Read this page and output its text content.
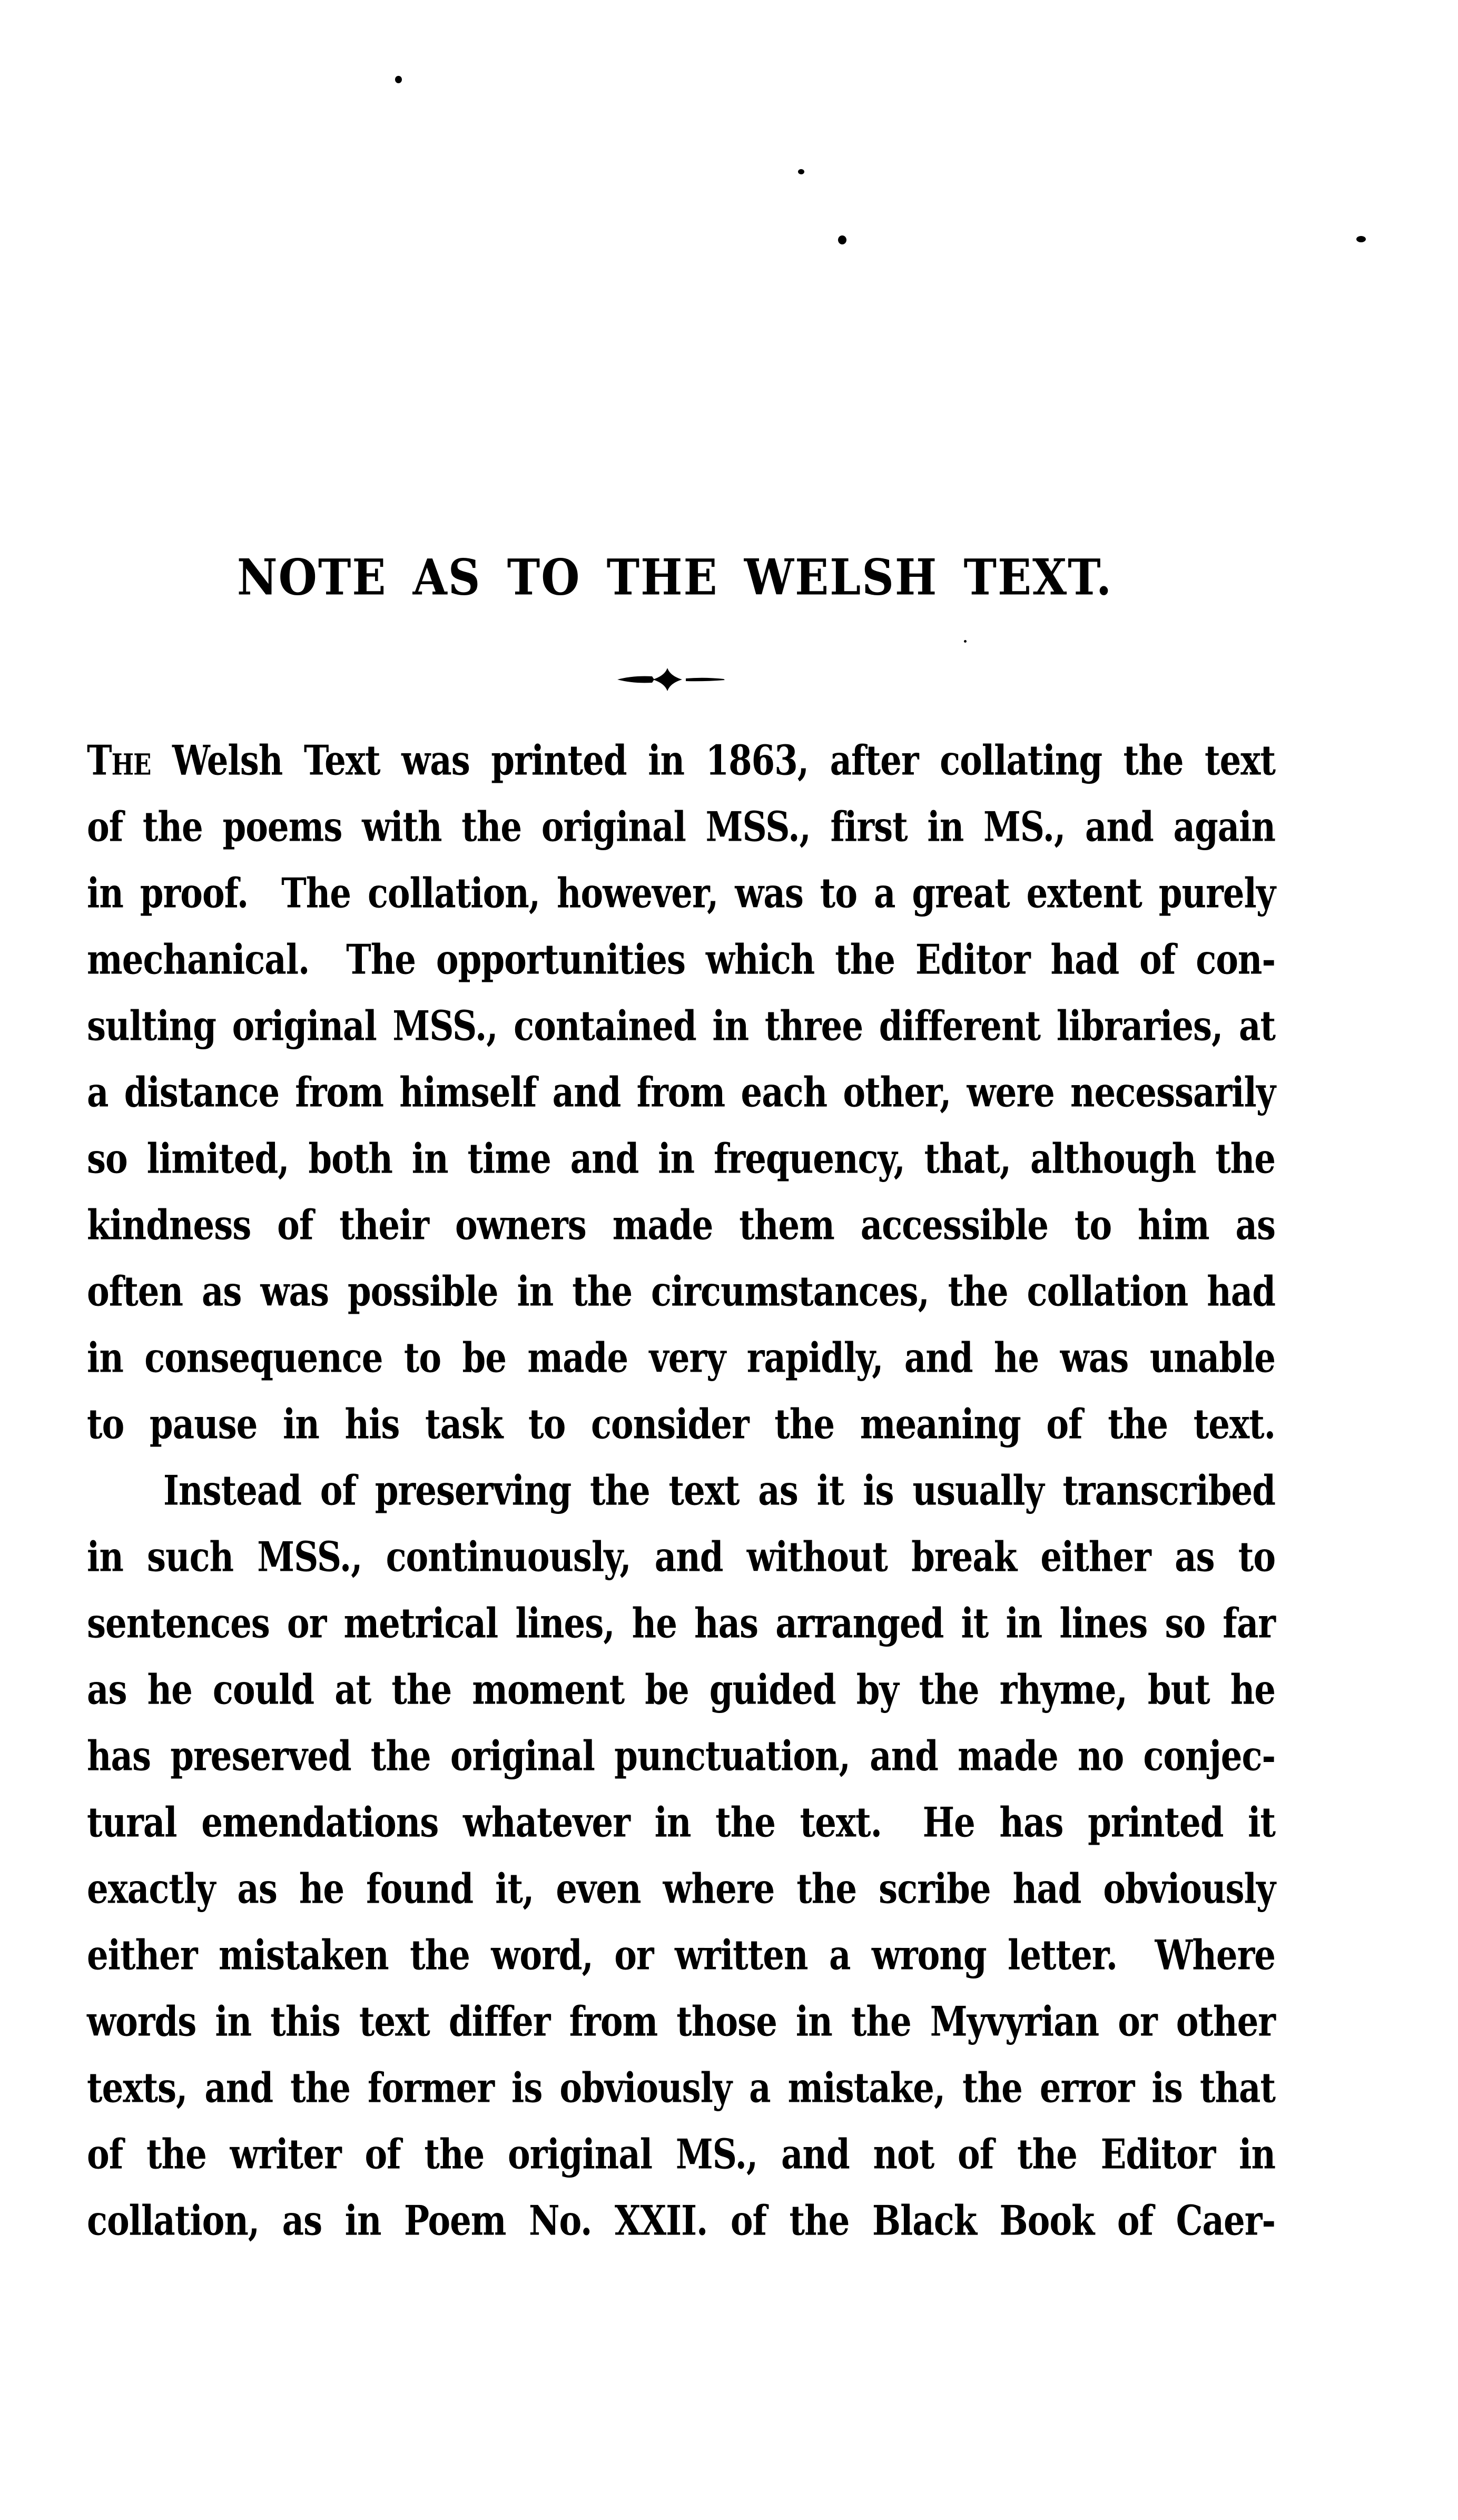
NOTE AS TO THE WELSH TEXT.
The Welsh Text was printed in 1863, after collating the text
of the poems with the original MSS., first in MS., and again
in proof.  The collation, however, was to a great extent purely
mechanical.  The opportunities which the Editor had of con-
sulting original MSS., contained in three different libraries, at
a distance from himself and from each other, were necessarily
so limited, both in time and in frequency, that, although the
kindness of their owners made them accessible to him as
often as was possible in the circumstances, the collation had
in consequence to be made very rapidly, and he was unable
to pause in his task to consider the meaning of the text.
Instead of preserving the text as it is usually transcribed
in such MSS., continuously, and without break either as to
sentences or metrical lines, he has arranged it in lines so far
as he could at the moment be guided by the rhyme, but he
has preserved the original punctuation, and made no conjec-
tural emendations whatever in the text.  He has printed it
exactly as he found it, even where the scribe had obviously
either mistaken the word, or written a wrong letter.  Where
words in this text differ from those in the Myvyrian or other
texts, and the former is obviously a mistake, the error is that
of the writer of the original MS., and not of the Editor in
collation, as in Poem No. XXII. of the Black Book of Caer-
